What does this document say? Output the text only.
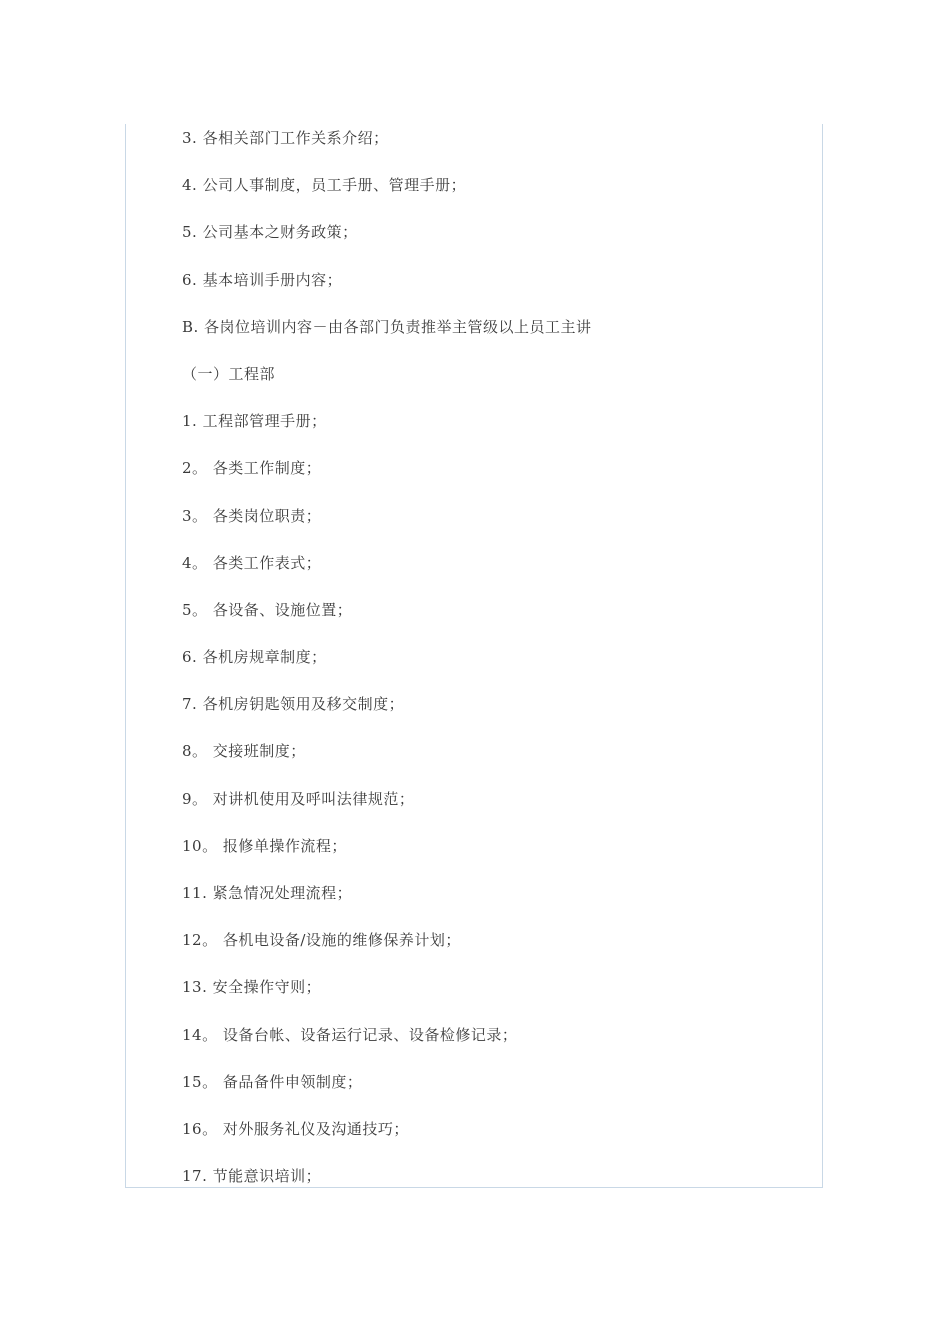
3. 各相关部门工作关系介绍；
4. 公司人事制度，员工手册、管理手册；
5. 公司基本之财务政策；
6. 基本培训手册内容；
B. 各岗位培训内容－由各部门负责推举主管级以上员工主讲
（一）工程部
1. 工程部管理手册；
2。 各类工作制度；
3。 各类岗位职责；
4。 各类工作表式；
5。 各设备、设施位置；
6. 各机房规章制度；
7. 各机房钥匙领用及移交制度；
8。 交接班制度；
9。 对讲机使用及呼叫法律规范；
10。 报修单操作流程；
11. 紧急情况处理流程；
12。 各机电设备/设施的维修保养计划；
13. 安全操作守则；
14。 设备台帐、设备运行记录、设备检修记录；
15。 备品备件申领制度；
16。 对外服务礼仪及沟通技巧；
17. 节能意识培训；
